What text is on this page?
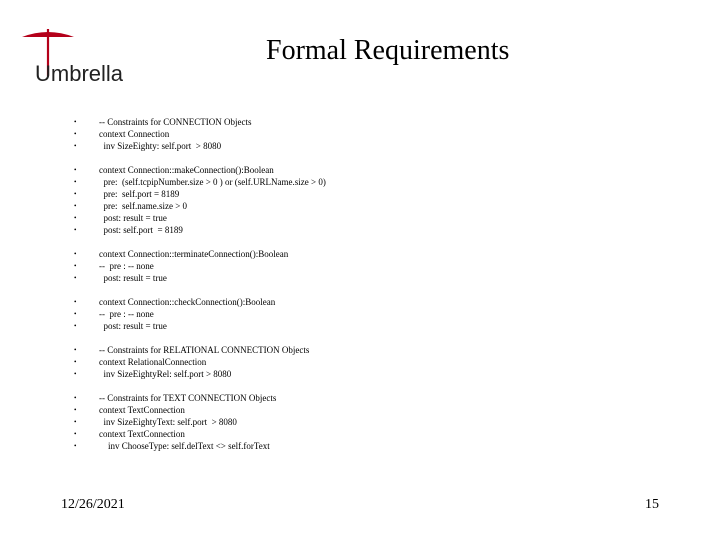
Umbrella
Formal Requirements
•	-- Constraints for CONNECTION Objects
•	context Connection
•	inv SizeEighty: self.port  > 8080
•	context Connection::makeConnection():Boolean
•	pre:  (self.tcpipNumber.size > 0 ) or (self.URLName.size > 0)
•	pre:  self.port = 8189
•	pre:  self.name.size > 0
•	post: result = true
•	post: self.port  = 8189
•	context Connection::terminateConnection():Boolean
•	--  pre : -- none
•	post: result = true
•	context Connection::checkConnection():Boolean
•	--  pre : -- none
•	post: result = true
•	-- Constraints for RELATIONAL CONNECTION Objects
•	context RelationalConnection
•	inv SizeEightyRel: self.port > 8080
•	-- Constraints for TEXT CONNECTION Objects
•	context TextConnection
•	inv SizeEightyText: self.port  > 8080
•	context TextConnection
•	inv ChooseType: self.delText <> self.forText
12/26/2021	15
